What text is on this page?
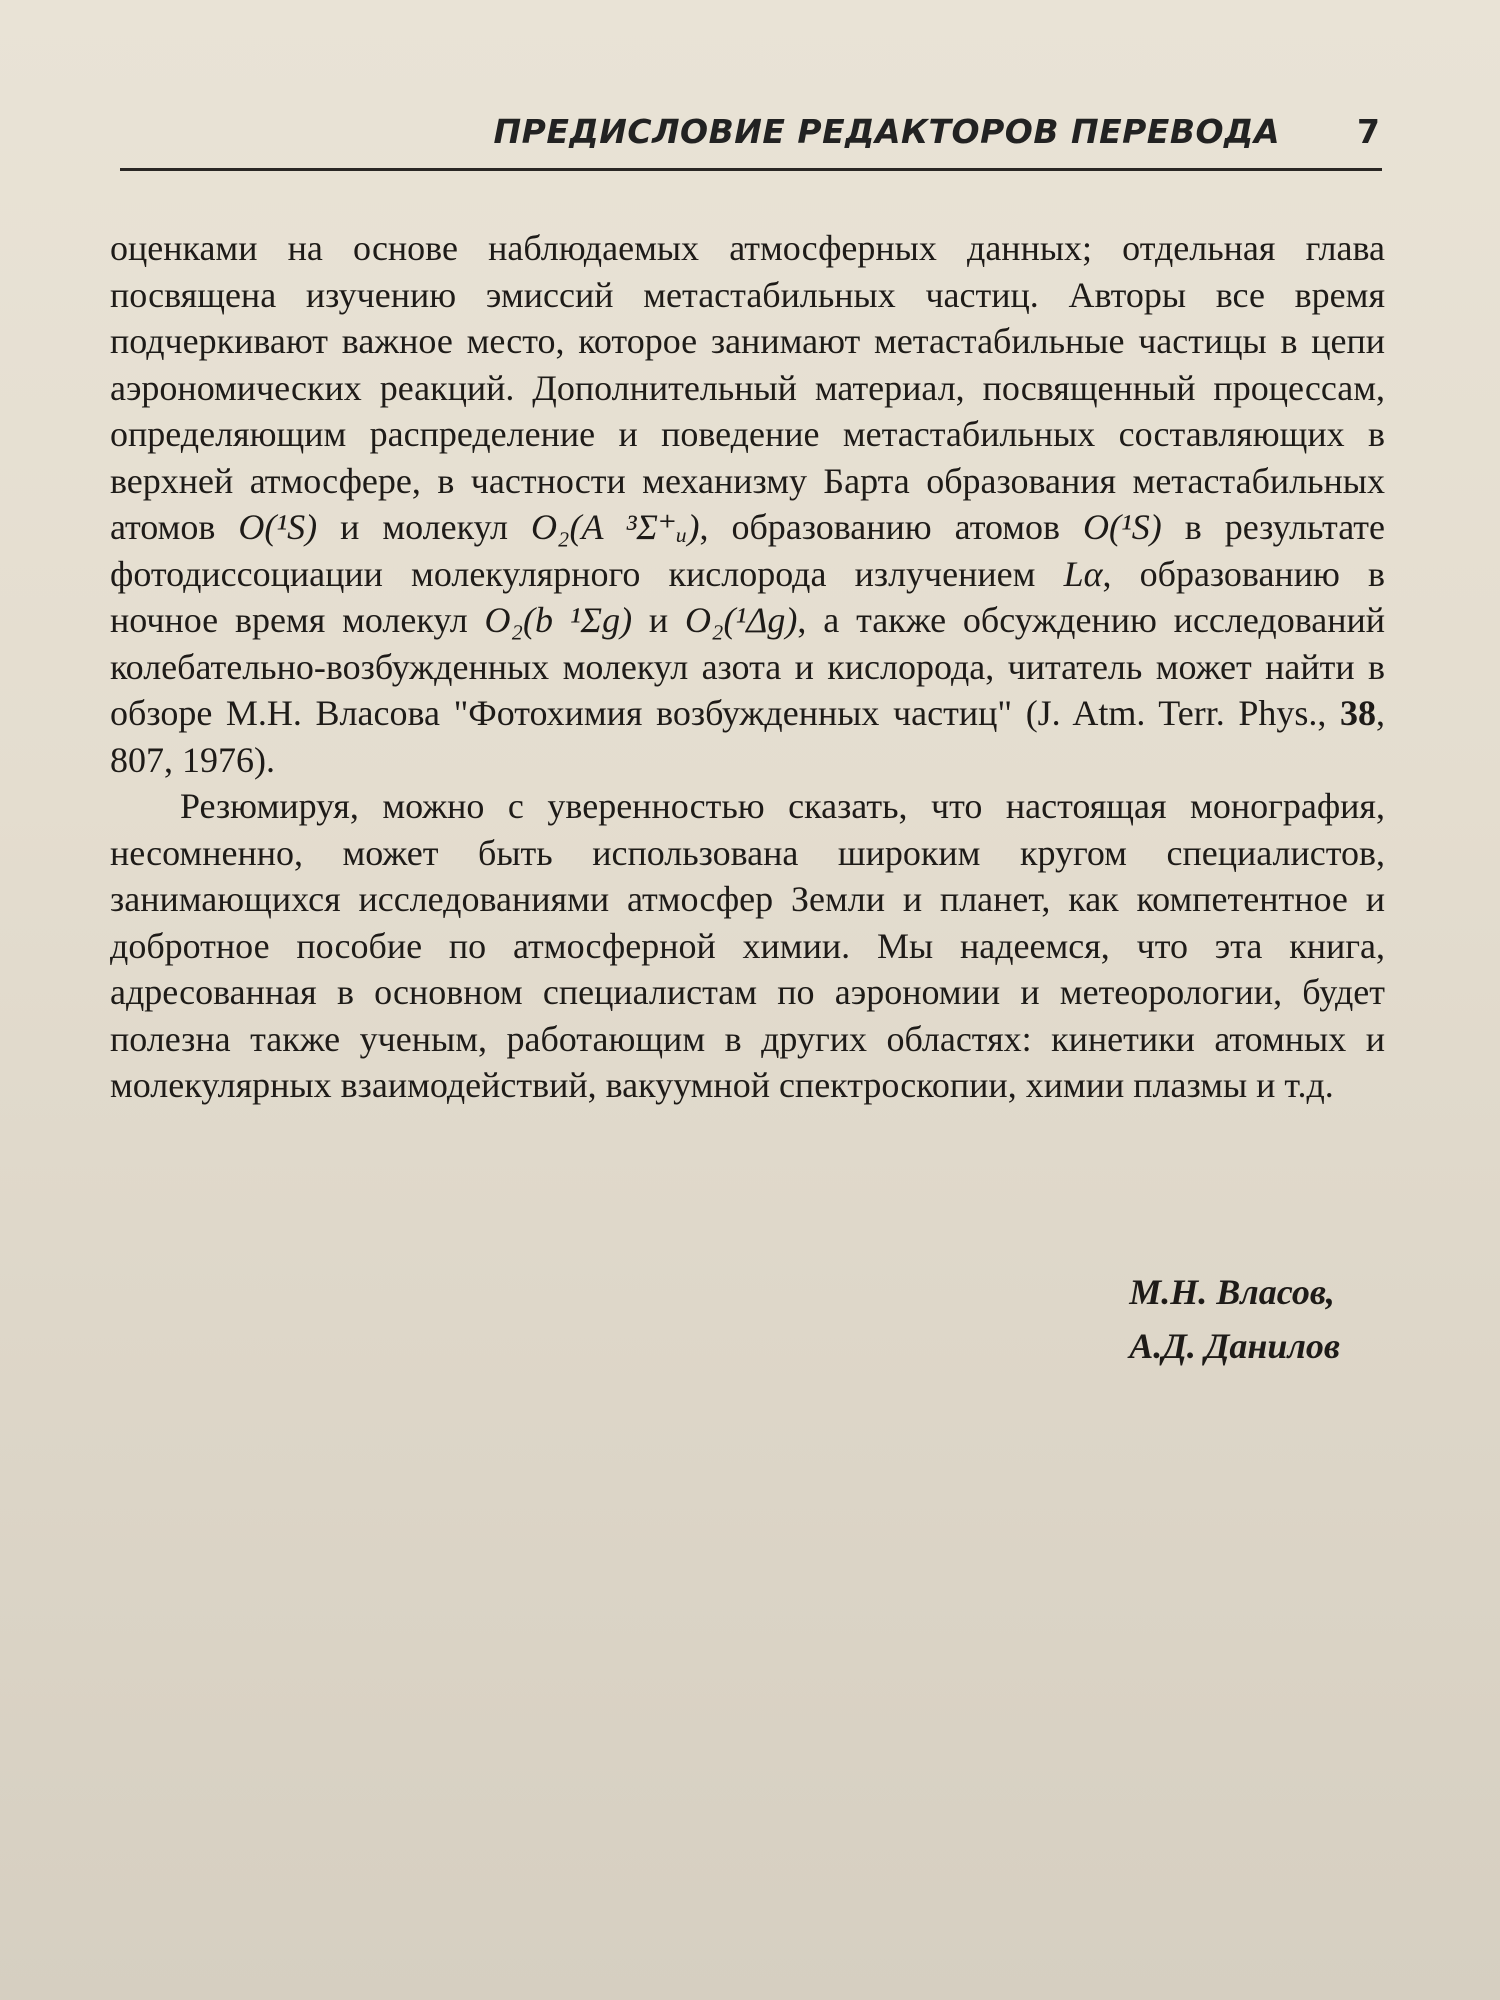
ПРЕДИСЛОВИЕ РЕДАКТОРОВ ПЕРЕВОДА 7

оценками на основе наблюдаемых атмосферных данных; отдельная глава посвящена изучению эмиссий метастабильных частиц. Авторы все время подчеркивают важное место, которое занимают метастабильные частицы в цепи аэрономических реакций. Дополнительный материал, посвященный процессам, определяющим распределение и поведение метастабильных составляющих в верхней атмосфере, в частности механизму Барта образования метастабильных атомов O(¹S) и молекул O₂(A ³Σ⁺ᵤ), образованию атомов O(¹S) в результате фотодиссоциации молекулярного кислорода излучением Lα, образованию в ночное время молекул O₂(b ¹Σg) и O₂(¹Δg), а также обсуждению исследований колебательно-возбужденных молекул азота и кислорода, читатель может найти в обзоре М.Н. Власова "Фотохимия возбужденных частиц" (J. Atm. Terr. Phys., 38, 807, 1976).

Резюмируя, можно с уверенностью сказать, что настоящая монография, несомненно, может быть использована широким кругом специалистов, занимающихся исследованиями атмосфер Земли и планет, как компетентное и добротное пособие по атмосферной химии. Мы надеемся, что эта книга, адресованная в основном специалистам по аэрономии и метеорологии, будет полезна также ученым, работающим в других областях: кинетики атомных и молекулярных взаимодействий, вакуумной спектроскопии, химии плазмы и т.д.

М.Н. Власов,
А.Д. Данилов
